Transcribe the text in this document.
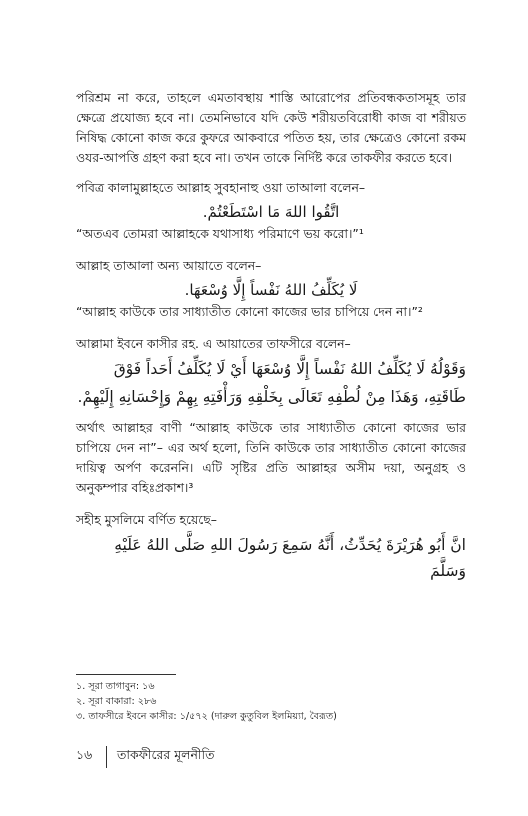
পরিশ্রম না করে, তাহলে এমতাবস্থায় শাস্তি আরোপের প্রতিবন্ধকতাসমূহ তার ক্ষেত্রে প্রযোজ্য হবে না। তেমনিভাবে যদি কেউ শরীয়তবিরোধী কাজ বা শরীয়ত নিষিদ্ধ কোনো কাজ করে কুফরে আকবারে পতিত হয়, তার ক্ষেত্রেও কোনো রকম ওযর-আপত্তি গ্রহণ করা হবে না। তখন তাকে নির্দিষ্ট করে তাকফীর করতে হবে।

পবিত্র কালামুল্লাহতে আল্লাহ সুবহানাহু ওয়া তাআলা বলেন–

اتَّقُوا اللهَ مَا اسْتَطَعْتُمْ.

“অতএব তোমরা আল্লাহকে যথাসাধ্য পরিমাণে ভয় করো।”¹

আল্লাহ তাআলা অন্য আয়াতে বলেন–

لَا يُكَلِّفُ اللهُ نَفْساً إِلَّا وُسْعَهَا.

“আল্লাহ কাউকে তার সাধ্যাতীত কোনো কাজের ভার চাপিয়ে দেন না।”²

আল্লামা ইবনে কাসীর রহ. এ আয়াতের তাফসীরে বলেন–

وَقَوْلُهُ لَا يُكَلِّفُ اللهُ نَفْساً إِلَّا وُسْعَهَا أَيْ لَا يُكَلِّفُ أَحَداً فَوْقَ

طَاقَتِهِ، وَهَذَا مِنْ لُطْفِهِ تَعَالَى بِخَلْقِهِ وَرَأْفَتِهِ بِهِمْ وَإِحْسَانِهِ إِلَيْهِمْ.

অর্থাৎ আল্লাহর বাণী “আল্লাহ কাউকে তার সাধ্যাতীত কোনো কাজের ভার চাপিয়ে দেন না”– এর অর্থ হলো, তিনি কাউকে তার সাধ্যাতীত কোনো কাজের দায়িত্ব অর্পণ করেননি। এটি সৃষ্টির প্রতি আল্লাহর অসীম দয়া, অনুগ্রহ ও অনুকম্পার বহিঃপ্রকাশ।³

সহীহ মুসলিমে বর্ণিত হয়েছে–

انَّ أَبُو هُرَيْرَةَ يُحَدِّثُ، أَنَّهُ سَمِعَ رَسُولَ اللهِ صَلَّى اللهُ عَلَيْهِ وَسَلَّمَ

১. সূরা তাগাবুন: ১৬

২. সূরা বাকারা: ২৮৬

৩. তাফসীরে ইবনে কাসীর: ১/৫৭২ (দারুল কুতুবিল ইলমিয়্যা, বৈরূত)

১৬	তাকফীরের মূলনীতি
